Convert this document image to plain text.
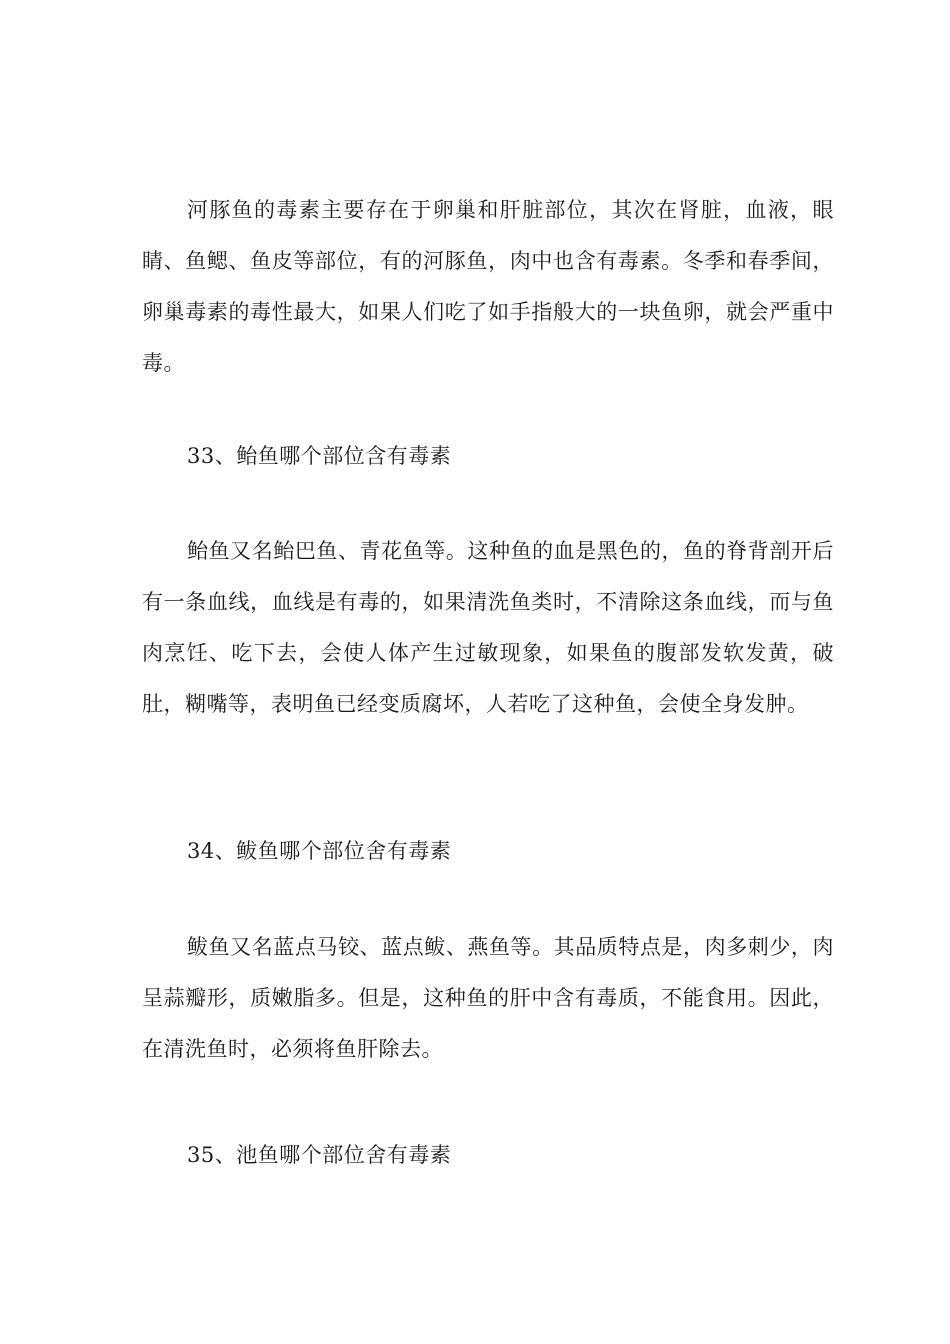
河豚鱼的毒素主要存在于卵巢和肝脏部位，其次在肾脏，血液，眼睛、鱼鳃、鱼皮等部位，有的河豚鱼，肉中也含有毒素。冬季和春季间，卵巢毒素的毒性最大，如果人们吃了如手指般大的一块鱼卵，就会严重中毒。

33、鲐鱼哪个部位含有毒素

鲐鱼又名鲐巴鱼、青花鱼等。这种鱼的血是黑色的，鱼的脊背剖开后有一条血线，血线是有毒的，如果清洗鱼类时，不清除这条血线，而与鱼肉烹饪、吃下去，会使人体产生过敏现象，如果鱼的腹部发软发黄，破肚，糊嘴等，表明鱼已经变质腐坏，人若吃了这种鱼，会使全身发肿。

34、鲅鱼哪个部位舍有毒素

鲅鱼又名蓝点马铰、蓝点鲅、燕鱼等。其品质特点是，肉多刺少，肉呈蒜瓣形，质嫩脂多。但是，这种鱼的肝中含有毒质，不能食用。因此，在清洗鱼时，必须将鱼肝除去。

35、池鱼哪个部位舍有毒素
